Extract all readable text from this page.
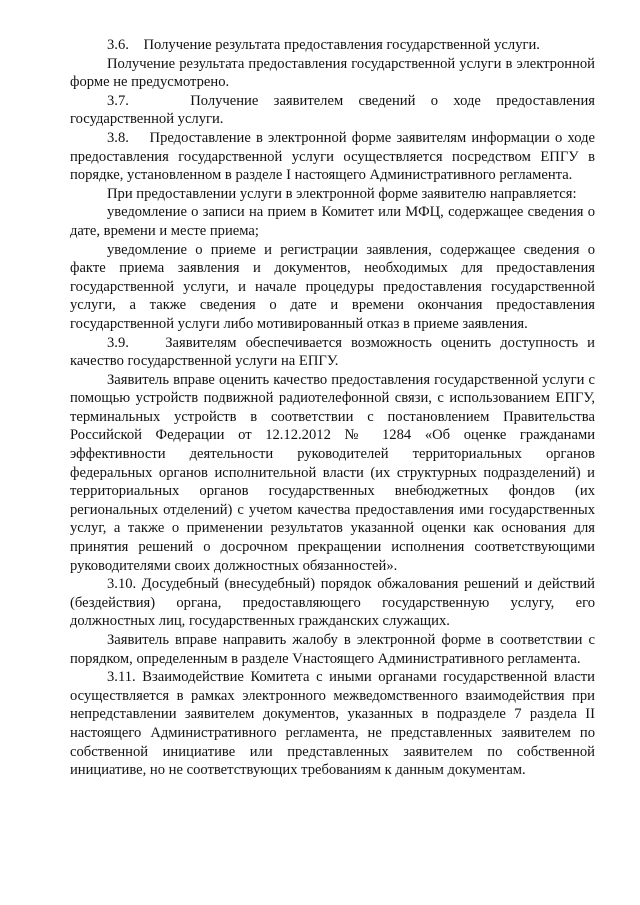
3.6.    Получение результата предоставления государственной услуги.

Получение результата предоставления государственной услуги в электронной форме не предусмотрено.

3.7.    Получение заявителем сведений о ходе предоставления государственной услуги.

3.8.    Предоставление в электронной форме заявителям информации о ходе предоставления государственной услуги осуществляется посредством ЕПГУ в порядке, установленном в разделе I настоящего Административного регламента.

При предоставлении услуги в электронной форме заявителю направляется:

уведомление о записи на прием в Комитет или МФЦ, содержащее сведения о дате, времени и месте приема;

уведомление о приеме и регистрации заявления, содержащее сведения о факте приема заявления и документов, необходимых для предоставления государственной услуги, и начале процедуры предоставления государственной услуги, а также сведения о дате и времени окончания предоставления государственной услуги либо мотивированный отказ в приеме заявления.

3.9.    Заявителям обеспечивается возможность оценить доступность и качество государственной услуги на ЕПГУ.

Заявитель вправе оценить качество предоставления государственной услуги с помощью устройств подвижной радиотелефонной связи, с использованием ЕПГУ, терминальных устройств в соответствии с постановлением Правительства Российской Федерации от 12.12.2012 № 1284 «Об оценке гражданами эффективности деятельности руководителей территориальных органов федеральных органов исполнительной власти (их структурных подразделений) и территориальных органов государственных внебюджетных фондов (их региональных отделений) с учетом качества предоставления ими государственных услуг, а также о применении результатов указанной оценки как основания для принятия решений о досрочном прекращении исполнения соответствующими руководителями своих должностных обязанностей».

3.10. Досудебный (внесудебный) порядок обжалования решений и действий (бездействия) органа, предоставляющего государственную услугу, его должностных лиц, государственных гражданских служащих.

Заявитель вправе направить жалобу в электронной форме в соответствии с порядком, определенным в разделе Vнастоящего Административного регламента.

3.11. Взаимодействие Комитета с иными органами государственной власти осуществляется в рамках электронного межведомственного взаимодействия при непредставлении заявителем документов, указанных в подразделе 7 раздела II настоящего Административного регламента, не представленных заявителем по собственной инициативе или представленных заявителем по собственной инициативе, но не соответствующих требованиям к данным документам.
